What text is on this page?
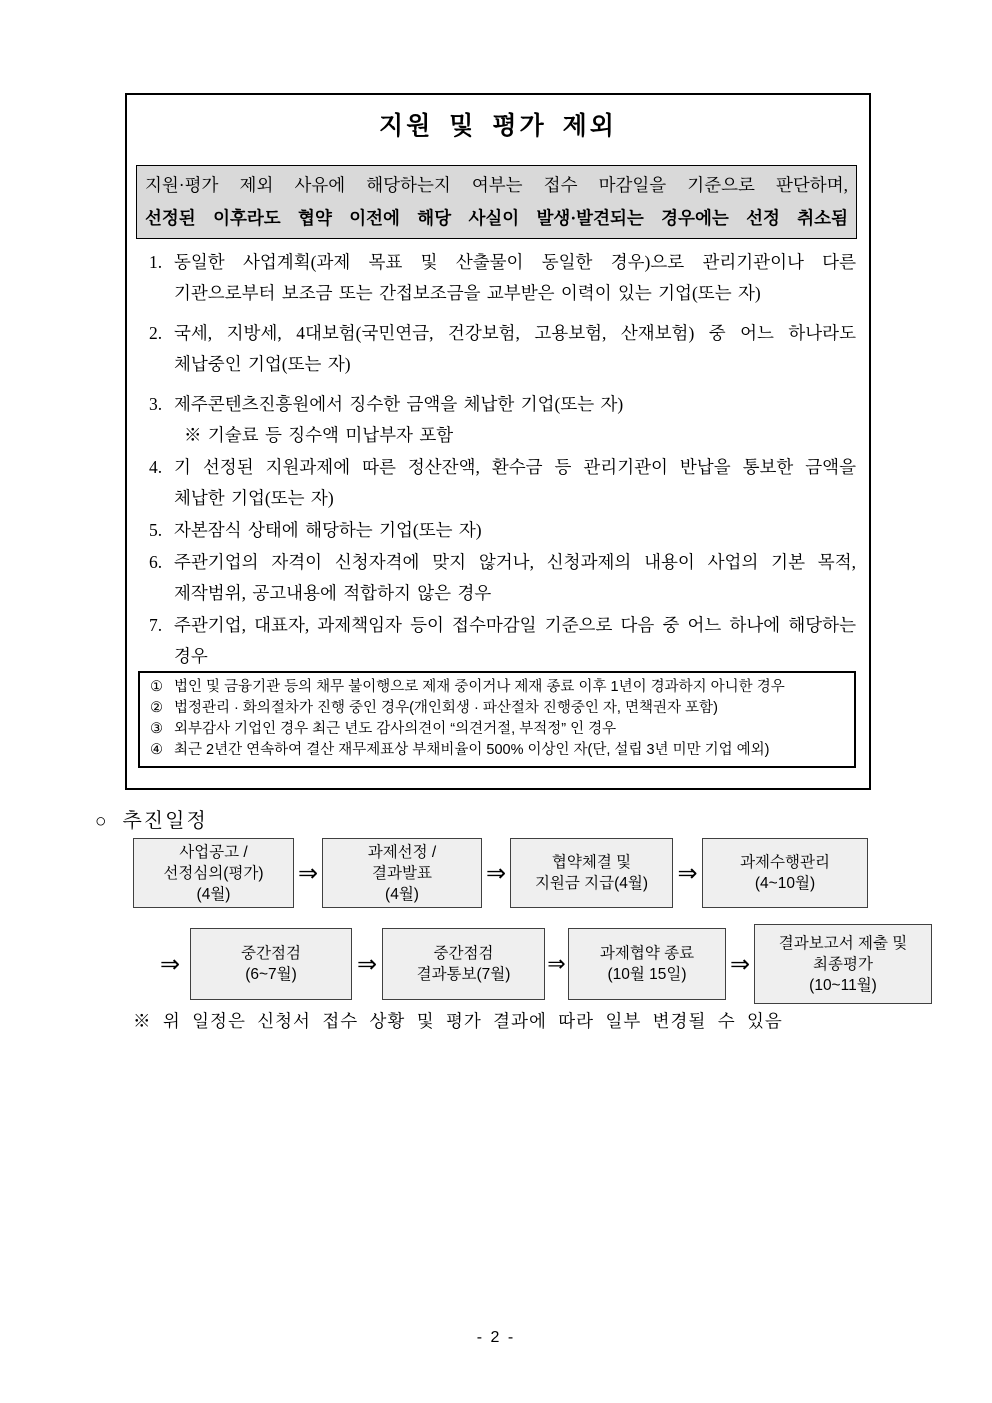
지원 및 평가 제외
지원·평가 제외 사유에 해당하는지 여부는 접수 마감일을 기준으로 판단하며,
선정된 이후라도 협약 이전에 해당 사실이 발생·발견되는 경우에는 선정 취소됨
1. 동일한 사업계획(과제 목표 및 산출물이 동일한 경우)으로 관리기관이나 다른 기관으로부터 보조금 또는 간접보조금을 교부받은 이력이 있는 기업(또는 자)
2. 국세, 지방세, 4대보험(국민연금, 건강보험, 고용보험, 산재보험) 중 어느 하나라도 체납중인 기업(또는 자)
3. 제주콘텐츠진흥원에서 징수한 금액을 체납한 기업(또는 자)
※ 기술료 등 징수액 미납부자 포함
4. 기 선정된 지원과제에 따른 정산잔액, 환수금 등 관리기관이 반납을 통보한 금액을 체납한 기업(또는 자)
5. 자본잠식 상태에 해당하는 기업(또는 자)
6. 주관기업의 자격이 신청자격에 맞지 않거나, 신청과제의 내용이 사업의 기본 목적, 제작범위, 공고내용에 적합하지 않은 경우
7. 주관기업, 대표자, 과제책임자 등이 접수마감일 기준으로 다음 중 어느 하나에 해당하는 경우
① 법인 및 금융기관 등의 채무 불이행으로 제재 중이거나 제재 종료 이후 1년이 경과하지 아니한 경우
② 법정관리 · 화의절차가 진행 중인 경우(개인회생 · 파산절차 진행중인 자, 면책권자 포함)
③ 외부감사 기업인 경우 최근 년도 감사의견이 “의견거절, 부적정” 인 경우
④ 최근 2년간 연속하여 결산 재무제표상 부채비율이 500% 이상인 자(단, 설립 3년 미만 기업 예외)
○ 추진일정
사업공고 /
선정심의(평가)
(4월)
⇒
과제선정 /
결과발표
(4월)
⇒	협약체결 및
지원금 지급(4월) ⇒	과제수행관리
(4~10월)
⇒	중간점검
(6~7월)	⇒	중간점검
결과통보(7월) ⇒ 과제협약 종료
(10월 15일) ⇒
결과보고서 제출 및
최종평가
(10~11월)
※ 위 일정은 신청서 접수 상황 및 평가 결과에 따라 일부 변경될 수 있음
- 2 -
